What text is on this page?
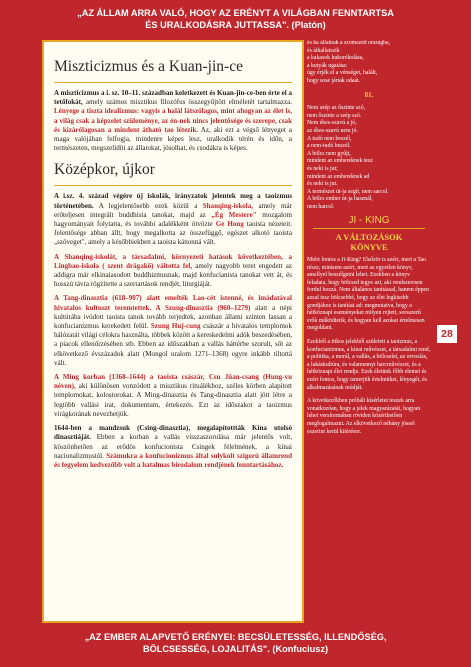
„AZ ÁLLAM ARRA VALÓ, HOGY AZ ERÉNYT A VILÁGBAN FENNTARTSA
ÉS URALKODÁSRA JUTTASSA". (Platón)
Miszticizmus és a Kuan-jin-ce

A miszticizmus a i. sz. 10–11. században keletkezett és Kuan-jin-ce-ben érte el a tetőfokát, amely számos misztikus filozófus összegyűjtött elméletét tartalmazza. Lényege a tiszta idealizmus: vagyis a halál látszólagos, mint ahogyan az élet is, a világ csak a képzelet szüleménye, az én-nek nincs jelentősége és szerepe, csak és kizárólagosan a mindent átható tao létezik. Az, aki ezt a végső lényeget a maga valójában felfogja, mindenre képes lesz, uralkodik térén és időn, a természeten, megszelídíti az állatokat, jósolhat, és csodákra is képes.

Középkor, újkor

A i.sz. 4. század végére új iskolák, irányzatok jelentek meg a taoizmus történetében. A legjelentősebb ezek közül a Shanqing-iskola, amely már erőteljesen integrált buddhista tanokat, majd az „Ég Mestere" mozgalom hagyományait folytatta, és további adalékként ötvözte Ge Hong taoista nézeteit. Jelentősége abban állt, hogy megalkotta az összefüggő, egészet alkotó taoista „szöveget", amely a későbbiekben a taoista kánonná vált.

A Shanqing-iskolát, a társadalmi, környezeti hatások következtében, a Lingbao-iskola ( szent drágakő) váltotta fel, amely nagyobb teret engedett az addigra már elkinaiasodott buddhizmusnak, majd konfucianista tanokat vett át, és hosszú távra rögzítette a szertartások rendjét, liturgiáját.

A Tang-dinasztia (618–907) alatt emelték Lao-cét istenné, és imádatával hivatalos kultuszt teremtettek. A Szung-dinasztia (960–1279) alatt a népi kultúrába ivódott taoista tanok tovább terjedtek, azonban állami szinten lassan a konfucianizmus kerekedett felül. Szung Huj-cung császár a hivatalos templomok hálózatát világi célokra használta, többek között a kereskedelmi adók beszedésében, a piacok ellenőrzésében stb. Ebben az időszakban a vallás háttérbe szorult, sőt az elkövetkező évszázadok alatt (Mongol uralom 1271–1368) egyre inkább tiltottá vált.

A Ming korban (1368–1644) a taoista császár, Csu Jüan-csang (Hung-vu néven), aki különösen vonzódott a misztikus rituálékhoz, széles körben alapított templomokat, kolostorokat. A Ming-dinasztia és Tang-dinasztia alatt jött létre a legtöbb vallási irat, dokumentum, értekezés. Ezt az időszakot a taoizmus virágkorának nevezhetjük.

1644-ben a mandzsuk (Csing-dinasztia), megalapítottták Kína utolsó dinasztiáját. Ebben a korban a vallás visszaszorulása már jelentős volt, köszönhetően az erődös konfucionista Csingek félelmének, a kínai nacionalizmustól. Számukra a konfucionizmus által sulykolt szigorú államrend és fegyelem kedvezőbb volt a hatalmas birodalom rendjének fenntartásához.

és ha állatnak a szomszéd országba,
és áthallatszik
a kakasok kukorékolása,
a kutyák ugatása:
úgy érjék el a vénséget, halált,
hogy sose jártak odaát.

81.

Nem szép az őszinte szó,
nem őszinte a szép szó.
Nem ékes-szavú a jó,
az ékes-szavú nem jó.
A tudó nem beszél,
a nem-tudó beszél.
A bölcs nem gyűjt,
mindent az embereknek tesz
és neki is jut;
mindent az embereknek ad
és neki is jut.
A természet út-ja segít, nem sarcol.
A bölcs ember út-ja használ,
nem harcol.

JI - KING
A VÁLTOZÁSOK
KÖNYVE

Miért fontos a Ji-King? Elsőzör is azért, mert a Tao része, mintsem azért, mert az egyetlen könyv, amellyel beszélgetni lehet. Ezekben a könyv feladata, hogy bölcsed tegye azt, aki rendszeresen fordul hozzá. Nem általános tanítással, hanem éppen azzal tesz bölcsebbé, hogy az élet legkisebb gondjához is tanítást ad: megmutatva, hogy a hétköznapi eseményeket milyen rejtett, sorsszerű erők működtetik, és hogyan kell azokat értelmesen megoldani.

Ezekből a titkos jelekből született a taoizmus, a konfucianizmus, a kínai művészet, a társadalmi rend, a politika, a morál, a vallás, a bölcselet, az orvoslás, a lakáskultúra, és valamennyi harcművészet, és a hétköznapi élet rendje. Ezek életünk főbb elemei és ezért fontos, hogy ismerjük értelmüket, lényegét, és alkalmazásának módját.

A következőkben próbált kísérletet teszek arra vonatkozóan, hogy a jelek magyarázatát, hogyan lehet versformában röviden közérthetően megfogalmazni. Az elkövetkező néhány jóssel eszerint kerül kitérésre.

28
„AZ EMBER ALAPVETŐ ERÉNYEI: BECSÜLETESSÉG, ILLENDŐSÉG,
BÖLCSESSÉG, LOJALITÁS". (Konfuciusz)
